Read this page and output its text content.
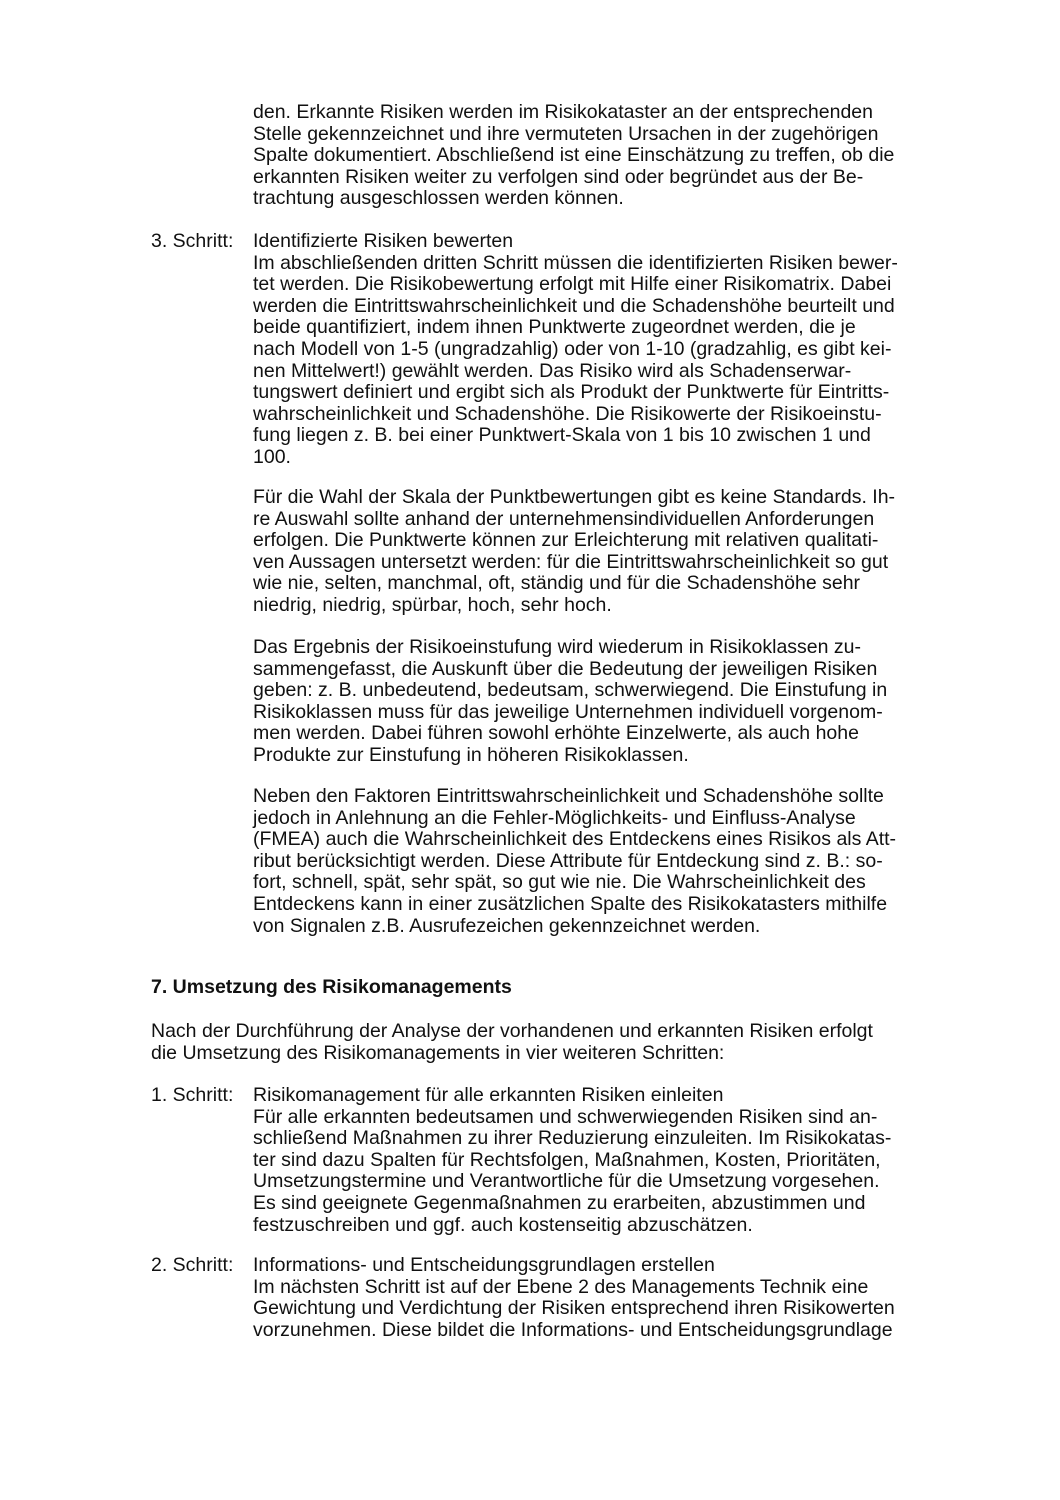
den. Erkannte Risiken werden im Risikokataster an der entsprechenden
Stelle gekennzeichnet und ihre vermuteten Ursachen in der zugehörigen
Spalte dokumentiert. Abschließend ist eine Einschätzung zu treffen, ob die
erkannten Risiken weiter zu verfolgen sind oder begründet aus der Be-
trachtung ausgeschlossen werden können.
3. Schritt: Identifizierte Risiken bewerten
Im abschließenden dritten Schritt müssen die identifizierten Risiken bewer-
tet werden. Die Risikobewertung erfolgt mit Hilfe einer Risikomatrix. Dabei
werden die Eintrittswahrscheinlichkeit und die Schadenshöhe beurteilt und
beide quantifiziert, indem ihnen Punktwerte zugeordnet werden, die je
nach Modell von 1-5 (ungradzahlig) oder von 1-10 (gradzahlig, es gibt kei-
nen Mittelwert!) gewählt werden. Das Risiko wird als Schadenserwar-
tungswert definiert und ergibt sich als Produkt der Punktwerte für Eintritts-
wahrscheinlichkeit und Schadenshöhe. Die Risikowerte der Risikoeinstu-
fung liegen z. B. bei einer Punktwert-Skala von 1 bis 10 zwischen 1 und
100.
Für die Wahl der Skala der Punktbewertungen gibt es keine Standards. Ih-
re Auswahl sollte anhand der unternehmensindividuellen Anforderungen
erfolgen. Die Punktwerte können zur Erleichterung mit relativen qualitati-
ven Aussagen untersetzt werden: für die Eintrittswahrscheinlichkeit so gut
wie nie, selten, manchmal, oft, ständig und für die Schadenshöhe sehr
niedrig, niedrig, spürbar, hoch, sehr hoch.
Das Ergebnis der Risikoeinstufung wird wiederum in Risikoklassen zu-
sammengefasst, die Auskunft über die Bedeutung der jeweiligen Risiken
geben: z. B. unbedeutend, bedeutsam, schwerwiegend. Die Einstufung in
Risikoklassen muss für das jeweilige Unternehmen individuell vorgenom-
men werden. Dabei führen sowohl erhöhte Einzelwerte, als auch hohe
Produkte zur Einstufung in höheren Risikoklassen.
Neben den Faktoren Eintrittswahrscheinlichkeit und Schadenshöhe sollte
jedoch in Anlehnung an die Fehler-Möglichkeits- und Einfluss-Analyse
(FMEA) auch die Wahrscheinlichkeit des Entdeckens eines Risikos als Att-
ribut berücksichtigt werden. Diese Attribute für Entdeckung sind z. B.: so-
fort, schnell, spät, sehr spät, so gut wie nie. Die Wahrscheinlichkeit des
Entdeckens kann in einer zusätzlichen Spalte des Risikokatasters mithilfe
von Signalen z.B. Ausrufezeichen gekennzeichnet werden.
7. Umsetzung des Risikomanagements
Nach der Durchführung der Analyse der vorhandenen und erkannten Risiken erfolgt
die Umsetzung des Risikomanagements in vier weiteren Schritten:
1. Schritt: Risikomanagement für alle erkannten Risiken einleiten
Für alle erkannten bedeutsamen und schwerwiegenden Risiken sind an-
schließend Maßnahmen zu ihrer Reduzierung einzuleiten. Im Risikokatas-
ter sind dazu Spalten für Rechtsfolgen, Maßnahmen, Kosten, Prioritäten,
Umsetzungstermine und Verantwortliche für die Umsetzung vorgesehen.
Es sind geeignete Gegenmaßnahmen zu erarbeiten, abzustimmen und
festzuschreiben und ggf. auch kostenseitig abzuschätzen.
2. Schritt: Informations- und Entscheidungsgrundlagen erstellen
Im nächsten Schritt ist auf der Ebene 2 des Managements Technik eine
Gewichtung und Verdichtung der Risiken entsprechend ihren Risikowerten
vorzunehmen. Diese bildet die Informations- und Entscheidungsgrundlage
